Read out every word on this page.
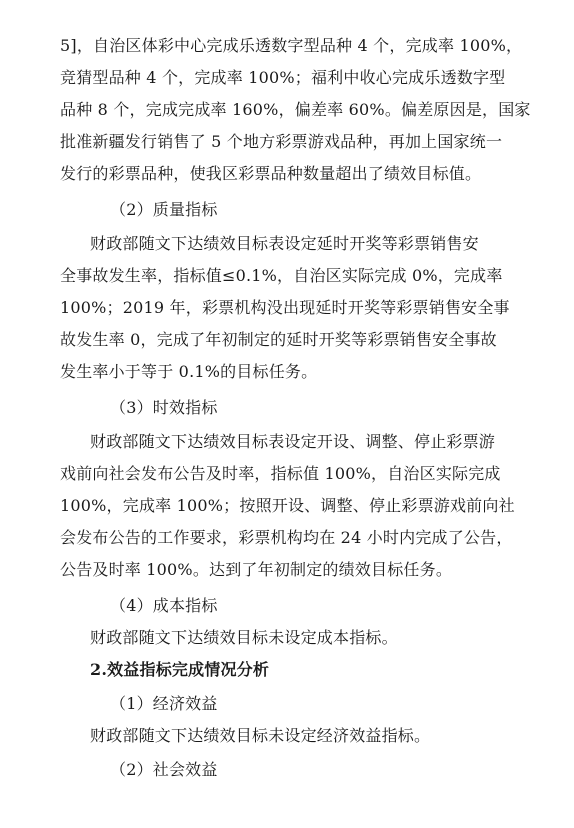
5]，自治区体彩中心完成乐透数字型品种 4 个，完成率 100%，
竞猜型品种 4 个，完成率 100%；福利中收心完成乐透数字型
品种 8 个，完成完成率 160%，偏差率 60%。偏差原因是，国家
批准新疆发行销售了 5 个地方彩票游戏品种，再加上国家统一
发行的彩票品种，使我区彩票品种数量超出了绩效目标值。
（2）质量指标
财政部随文下达绩效目标表设定延时开奖等彩票销售安
全事故发生率，指标值≤0.1%，自治区实际完成 0%，完成率
100%；2019 年，彩票机构没出现延时开奖等彩票销售安全事
故发生率 0，完成了年初制定的延时开奖等彩票销售安全事故
发生率小于等于 0.1%的目标任务。
（3）时效指标
财政部随文下达绩效目标表设定开设、调整、停止彩票游
戏前向社会发布公告及时率，指标值 100%，自治区实际完成
100%，完成率 100%；按照开设、调整、停止彩票游戏前向社
会发布公告的工作要求，彩票机构均在 24 小时内完成了公告，
公告及时率 100%。达到了年初制定的绩效目标任务。
（4）成本指标
财政部随文下达绩效目标未设定成本指标。
2.效益指标完成情况分析
（1）经济效益
财政部随文下达绩效目标未设定经济效益指标。
（2）社会效益
